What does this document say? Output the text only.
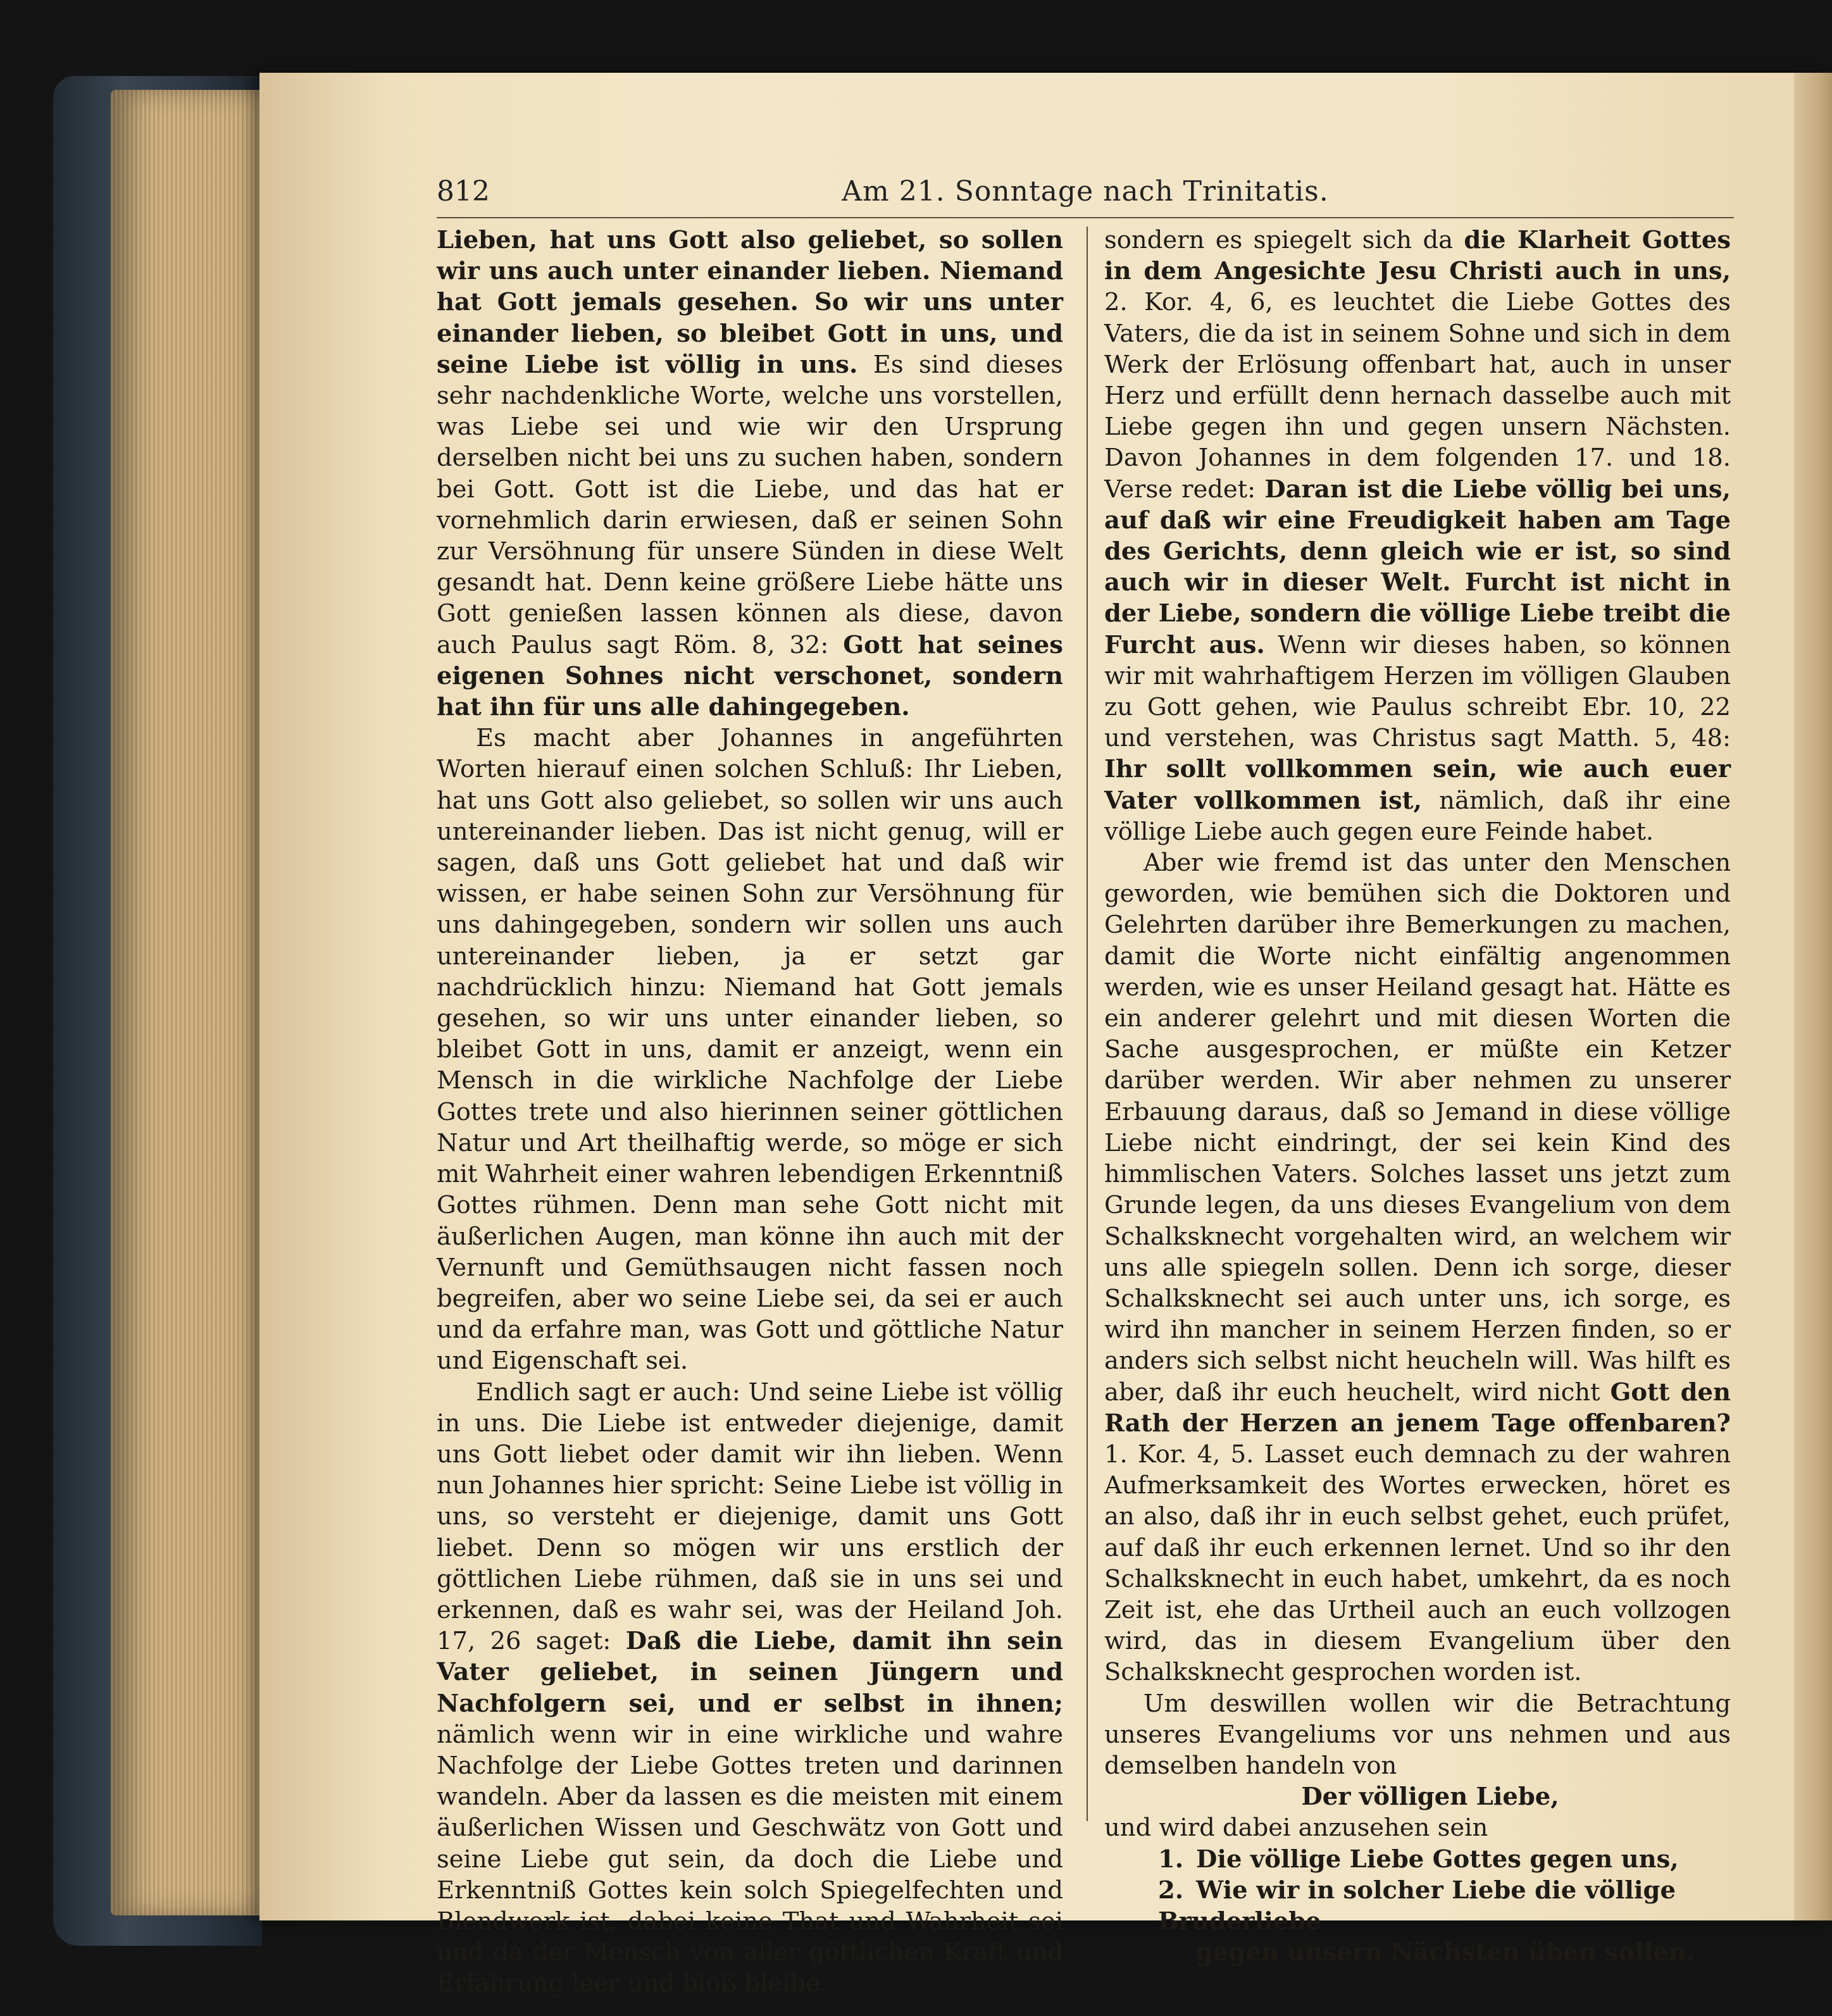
812	Am 21. Sonntage nach Trinitatis.

Lieben, hat uns Gott also geliebet, so sollen wir uns auch unter einander lieben. Niemand hat Gott jemals gesehen. So wir uns unter einander lieben, so bleibet Gott in uns, und seine Liebe ist völlig in uns. Es sind dieses sehr nachdenkliche Worte, welche uns vorstellen, was Liebe sei und wie wir den Ursprung derselben nicht bei uns zu suchen haben, sondern bei Gott. Gott ist die Liebe, und das hat er vornehmlich darin erwiesen, daß er seinen Sohn zur Versöhnung für unsere Sünden in diese Welt gesandt hat. Denn keine größere Liebe hätte uns Gott genießen lassen können als diese, davon auch Paulus sagt Röm. 8, 32: Gott hat seines eigenen Sohnes nicht verschonet, sondern hat ihn für uns alle dahingegeben.

Es macht aber Johannes in angeführten Worten hierauf einen solchen Schluß: Ihr Lieben, hat uns Gott also geliebet, so sollen wir uns auch untereinander lieben. Das ist nicht genug, will er sagen, daß uns Gott geliebet hat und daß wir wissen, er habe seinen Sohn zur Versöhnung für uns dahingegeben, sondern wir sollen uns auch untereinander lieben, ja er setzt gar nachdrücklich hinzu: Niemand hat Gott jemals gesehen, so wir uns unter einander lieben, so bleibet Gott in uns, damit er anzeigt, wenn ein Mensch in die wirkliche Nachfolge der Liebe Gottes trete und also hierinnen seiner göttlichen Natur und Art theilhaftig werde, so möge er sich mit Wahrheit einer wahren lebendigen Erkenntniß Gottes rühmen. Denn man sehe Gott nicht mit äußerlichen Augen, man könne ihn auch mit der Vernunft und Gemüthsaugen nicht fassen noch begreifen, aber wo seine Liebe sei, da sei er auch und da erfahre man, was Gott und göttliche Natur und Eigenschaft sei.

Endlich sagt er auch: Und seine Liebe ist völlig in uns. Die Liebe ist entweder diejenige, damit uns Gott liebet oder damit wir ihn lieben. Wenn nun Johannes hier spricht: Seine Liebe ist völlig in uns, so versteht er diejenige, damit uns Gott liebet. Denn so mögen wir uns erstlich der göttlichen Liebe rühmen, daß sie in uns sei und erkennen, daß es wahr sei, was der Heiland Joh. 17, 26 saget: Daß die Liebe, damit ihn sein Vater geliebet, in seinen Jüngern und Nachfolgern sei, und er selbst in ihnen; nämlich wenn wir in eine wirkliche und wahre Nachfolge der Liebe Gottes treten und darinnen wandeln. Aber da lassen es die meisten mit einem äußerlichen Wissen und Geschwätz von Gott und seine Liebe gut sein, da doch die Liebe und Erkenntniß Gottes kein solch Spiegelfechten und Blendwerk ist, dabei keine That und Wahrheit sei und da der Mensch von aller göttlichen Kraft und Erfahrung leer und bloß bleibe,

sondern es spiegelt sich da die Klarheit Gottes in dem Angesichte Jesu Christi auch in uns, 2. Kor. 4, 6, es leuchtet die Liebe Gottes des Vaters, die da ist in seinem Sohne und sich in dem Werk der Erlösung offenbart hat, auch in unser Herz und erfüllt denn hernach dasselbe auch mit Liebe gegen ihn und gegen unsern Nächsten. Davon Johannes in dem folgenden 17. und 18. Verse redet: Daran ist die Liebe völlig bei uns, auf daß wir eine Freudigkeit haben am Tage des Gerichts, denn gleich wie er ist, so sind auch wir in dieser Welt. Furcht ist nicht in der Liebe, sondern die völlige Liebe treibt die Furcht aus. Wenn wir dieses haben, so können wir mit wahrhaftigem Herzen im völligen Glauben zu Gott gehen, wie Paulus schreibt Ebr. 10, 22 und verstehen, was Christus sagt Matth. 5, 48: Ihr sollt vollkommen sein, wie auch euer Vater vollkommen ist, nämlich, daß ihr eine völlige Liebe auch gegen eure Feinde habet.

Aber wie fremd ist das unter den Menschen geworden, wie bemühen sich die Doktoren und Gelehrten darüber ihre Bemerkungen zu machen, damit die Worte nicht einfältig angenommen werden, wie es unser Heiland gesagt hat. Hätte es ein anderer gelehrt und mit diesen Worten die Sache ausgesprochen, er müßte ein Ketzer darüber werden. Wir aber nehmen zu unserer Erbauung daraus, daß so Jemand in diese völlige Liebe nicht eindringt, der sei kein Kind des himmlischen Vaters. Solches lasset uns jetzt zum Grunde legen, da uns dieses Evangelium von dem Schalksknecht vorgehalten wird, an welchem wir uns alle spiegeln sollen. Denn ich sorge, dieser Schalksknecht sei auch unter uns, ich sorge, es wird ihn mancher in seinem Herzen finden, so er anders sich selbst nicht heucheln will. Was hilft es aber, daß ihr euch heuchelt, wird nicht Gott den Rath der Herzen an jenem Tage offenbaren? 1. Kor. 4, 5. Lasset euch demnach zu der wahren Aufmerksamkeit des Wortes erwecken, höret es an also, daß ihr in euch selbst gehet, euch prüfet, auf daß ihr euch erkennen lernet. Und so ihr den Schalksknecht in euch habet, umkehrt, da es noch Zeit ist, ehe das Urtheil auch an euch vollzogen wird, das in diesem Evangelium über den Schalksknecht gesprochen worden ist.

Um deswillen wollen wir die Betrachtung unseres Evangeliums vor uns nehmen und aus demselben handeln von

Der völligen Liebe,

und wird dabei anzusehen sein

1. Die völlige Liebe Gottes gegen uns,

2. Wie wir in solcher Liebe die völlige Bruderliebe
gegen unsern Nächsten üben sollen.
